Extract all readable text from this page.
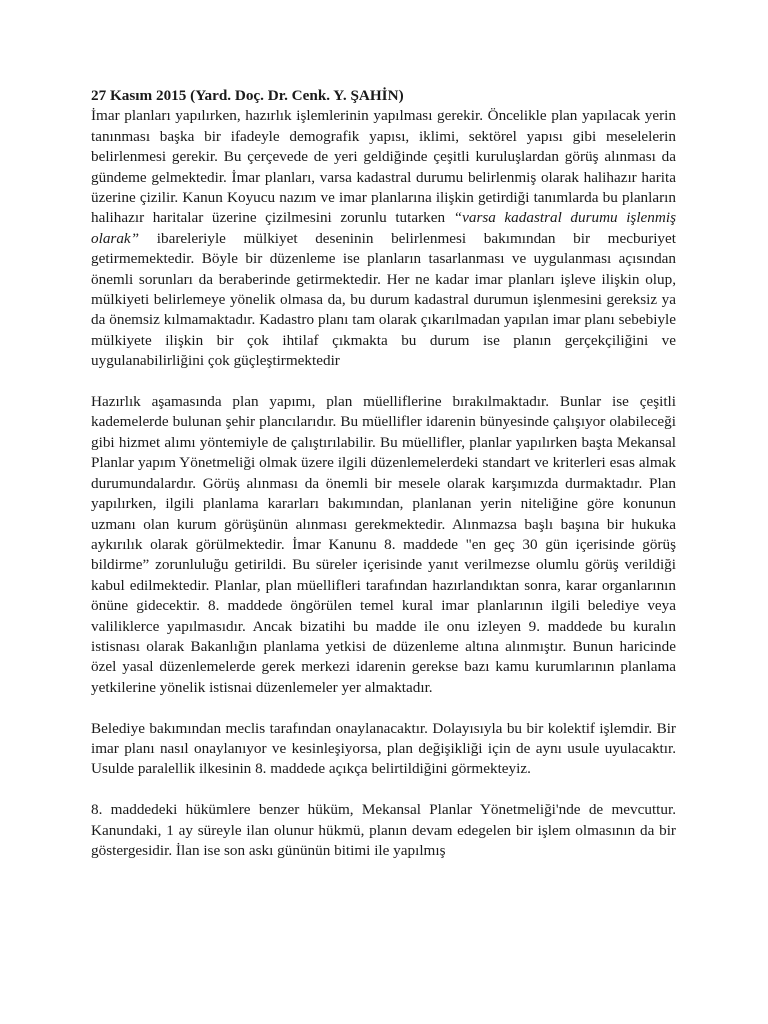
27 Kasım 2015 (Yard. Doç. Dr. Cenk. Y. ŞAHİN)

İmar planları yapılırken, hazırlık işlemlerinin yapılması gerekir. Öncelikle plan yapılacak yerin tanınması başka bir ifadeyle demografik yapısı, iklimi, sektörel yapısı gibi meselelerin belirlenmesi gerekir. Bu çerçevede de yeri geldiğinde çeşitli kuruluşlardan görüş alınması da gündeme gelmektedir. İmar planları, varsa kadastral durumu belirlenmiş olarak halihazır harita üzerine çizilir. Kanun Koyucu nazım ve imar planlarına ilişkin getirdiği tanımlarda bu planların halihazır haritalar üzerine çizilmesini zorunlu tutarken “varsa kadastral durumu işlenmiş olarak” ibareleriyle mülkiyet deseninin belirlenmesi bakımından bir mecburiyet getirmemektedir. Böyle bir düzenleme ise planların tasarlanması ve uygulanması açısından önemli sorunları da beraberinde getirmektedir. Her ne kadar imar planları işleve ilişkin olup, mülkiyeti belirlemeye yönelik olmasa da, bu durum kadastral durumun işlenmesini gereksiz ya da önemsiz kılmamaktadır. Kadastro planı tam olarak çıkarılmadan yapılan imar planı sebebiyle mülkiyete ilişkin bir çok ihtilaf çıkmakta bu durum ise planın gerçekçiliğini ve uygulanabilirliğini çok güçleştirmektedir

Hazırlık aşamasında plan yapımı, plan müelliflerine bırakılmaktadır. Bunlar ise çeşitli kademelerde bulunan şehir plancılarıdır. Bu müellifler idarenin bünyesinde çalışıyor olabileceği gibi hizmet alımı yöntemiyle de çalıştırılabilir. Bu müellifler, planlar yapılırken başta Mekansal Planlar yapım Yönetmeliği olmak üzere ilgili düzenlemelerdeki standart ve kriterleri esas almak durumundalardır. Görüş alınması da önemli bir mesele olarak karşımızda durmaktadır. Plan yapılırken, ilgili planlama kararları bakımından, planlanan yerin niteliğine göre konunun uzmanı olan kurum görüşünün alınması gerekmektedir. Alınmazsa başlı başına bir hukuka aykırılık olarak görülmektedir. İmar Kanunu 8. maddede "en geç 30 gün içerisinde görüş bildirme” zorunluluğu getirildi. Bu süreler içerisinde yanıt verilmezse olumlu görüş verildiği kabul edilmektedir. Planlar, plan müellifleri tarafından hazırlandıktan sonra, karar organlarının önüne gidecektir. 8. maddede öngörülen temel kural imar planlarının ilgili belediye veya valiliklerce yapılmasıdır. Ancak bizatihi bu madde ile onu izleyen 9. maddede bu kuralın istisnası olarak Bakanlığın planlama yetkisi de düzenleme altına alınmıştır. Bunun haricinde özel yasal düzenlemelerde gerek merkezi idarenin gerekse bazı kamu kurumlarının planlama yetkilerine yönelik istisnai düzenlemeler yer almaktadır.

Belediye bakımından meclis tarafından onaylanacaktır. Dolayısıyla bu bir kolektif işlemdir. Bir imar planı nasıl onaylanıyor ve kesinleşiyorsa, plan değişikliği için de aynı usule uyulacaktır. Usulde paralellik ilkesinin 8. maddede açıkça belirtildiğini görmekteyiz.

8. maddedeki hükümlere benzer hüküm, Mekansal Planlar Yönetmeliği'nde de mevcuttur. Kanundaki, 1 ay süreyle ilan olunur hükmü, planın devam edegelen bir işlem olmasının da bir göstergesidir. İlan ise son askı gününün bitimi ile yapılmış
